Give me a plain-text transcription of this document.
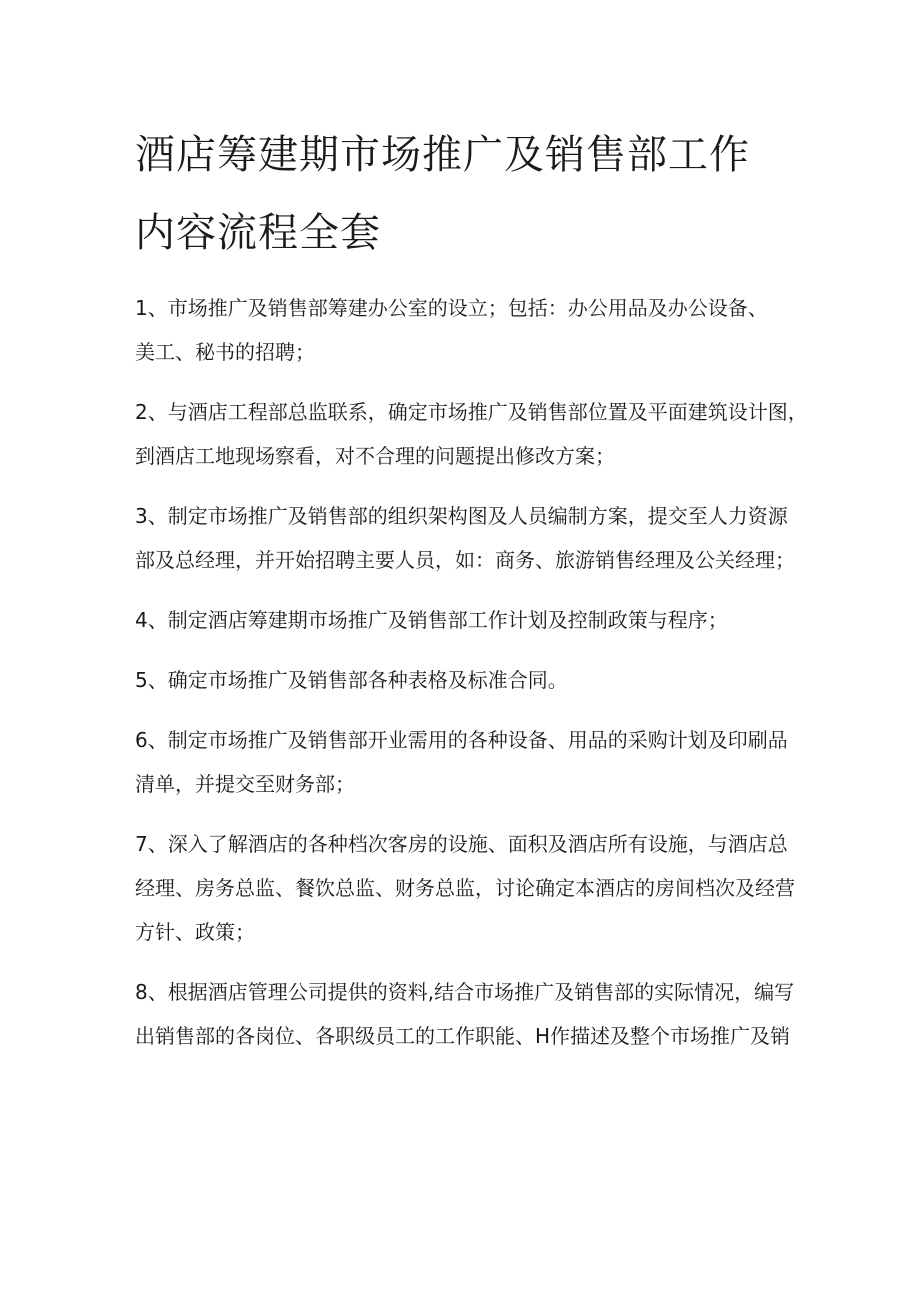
酒店筹建期市场推广及销售部工作
内容流程全套

1、市场推广及销售部筹建办公室的设立；包括：办公用品及办公设备、
美工、秘书的招聘；

2、与酒店工程部总监联系，确定市场推广及销售部位置及平面建筑设计图，
到酒店工地现场察看，对不合理的问题提出修改方案；

3、制定市场推广及销售部的组织架构图及人员编制方案，提交至人力资源
部及总经理，并开始招聘主要人员，如：商务、旅游销售经理及公关经理；

4、制定酒店筹建期市场推广及销售部工作计划及控制政策与程序；

5、确定市场推广及销售部各种表格及标准合同。

6、制定市场推广及销售部开业需用的各种设备、用品的采购计划及印刷品
清单，并提交至财务部；

7、深入了解酒店的各种档次客房的设施、面积及酒店所有设施，与酒店总
经理、房务总监、餐饮总监、财务总监，讨论确定本酒店的房间档次及经营
方针、政策；

8、根据酒店管理公司提供的资料,结合市场推广及销售部的实际情况，编写
出销售部的各岗位、各职级员工的工作职能、H作描述及整个市场推广及销
